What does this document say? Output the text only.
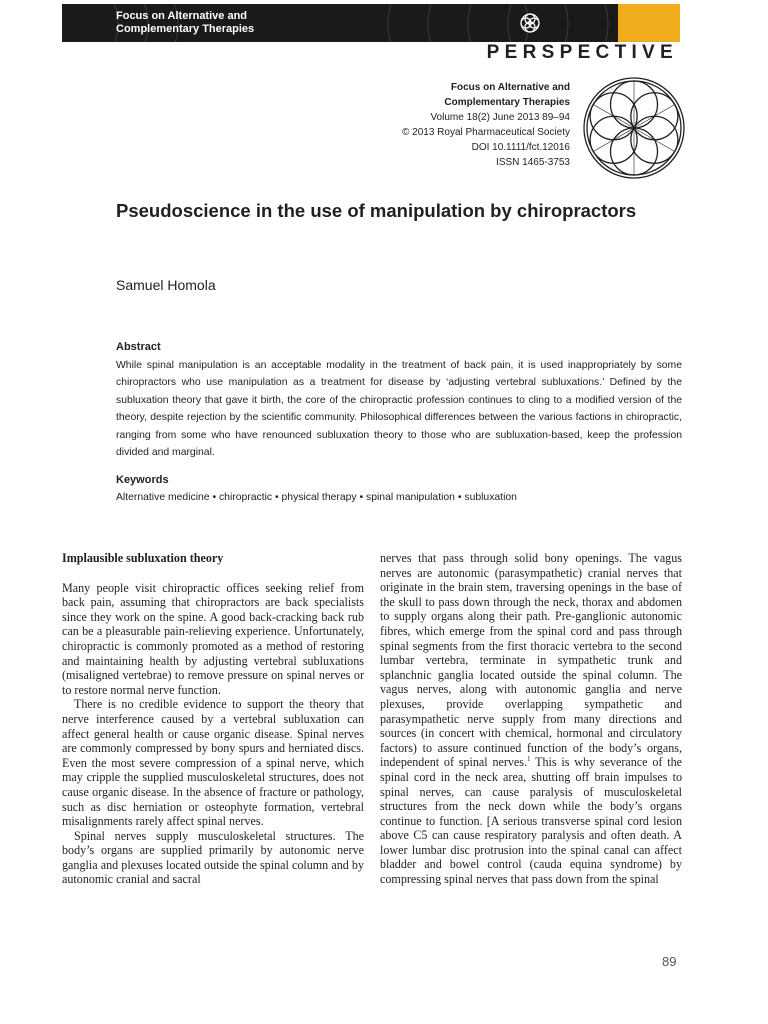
Focus on Alternative and
Complementary Therapies
PERSPECTIVE
Focus on Alternative and
Complementary Therapies
Volume 18(2) June 2013 89–94
© 2013 Royal Pharmaceutical Society
DOI 10.1111/fct.12016
ISSN 1465-3753
Pseudoscience in the use of manipulation by chiropractors
Samuel Homola
Abstract
While spinal manipulation is an acceptable modality in the treatment of back pain, it is used inappropriately by some chiropractors who use manipulation as a treatment for disease by ‘adjusting vertebral subluxations.’ Defined by the subluxation theory that gave it birth, the core of the chiropractic profession continues to cling to a modified version of the theory, despite rejection by the scientific community. Philosophical differences between the various factions in chiropractic, ranging from some who have renounced subluxation theory to those who are subluxation-based, keep the profession divided and marginal.
Keywords
Alternative medicine • chiropractic • physical therapy • spinal manipulation • subluxation
Implausible subluxation theory

Many people visit chiropractic offices seeking relief from back pain, assuming that chiropractors are back specialists since they work on the spine. A good back-cracking back rub can be a pleasurable pain-relieving experience. Unfortunately, chiropractic is commonly promoted as a method of restoring and maintaining health by adjusting vertebral subluxations (misaligned vertebrae) to remove pressure on spinal nerves or to restore normal nerve function.

There is no credible evidence to support the theory that nerve interference caused by a vertebral subluxation can affect general health or cause organic disease. Spinal nerves are commonly compressed by bony spurs and herniated discs. Even the most severe compression of a spinal nerve, which may cripple the supplied musculoskeletal structures, does not cause organic disease. In the absence of fracture or pathology, such as disc herniation or osteophyte formation, vertebral misalignments rarely affect spinal nerves.

Spinal nerves supply musculoskeletal structures. The body’s organs are supplied primarily by autonomic nerve ganglia and plexuses located outside the spinal column and by autonomic cranial and sacral

nerves that pass through solid bony openings. The vagus nerves are autonomic (parasympathetic) cranial nerves that originate in the brain stem, traversing openings in the base of the skull to pass down through the neck, thorax and abdomen to supply organs along their path. Pre-ganglionic autonomic fibres, which emerge from the spinal cord and pass through spinal segments from the first thoracic vertebra to the second lumbar vertebra, terminate in sympathetic trunk and splanchnic ganglia located outside the spinal column. The vagus nerves, along with autonomic ganglia and nerve plexuses, provide overlapping sympathetic and parasympathetic nerve supply from many directions and sources (in concert with chemical, hormonal and circulatory factors) to assure continued function of the body’s organs, independent of spinal nerves.$^1$ This is why severance of the spinal cord in the neck area, shutting off brain impulses to spinal nerves, can cause paralysis of musculoskeletal structures from the neck down while the body’s organs continue to function. [A serious transverse spinal cord lesion above C5 can cause respiratory paralysis and often death. A lower lumbar disc protrusion into the spinal canal can affect bladder and bowel control (cauda equina syndrome) by compressing spinal nerves that pass down from the spinal

89
